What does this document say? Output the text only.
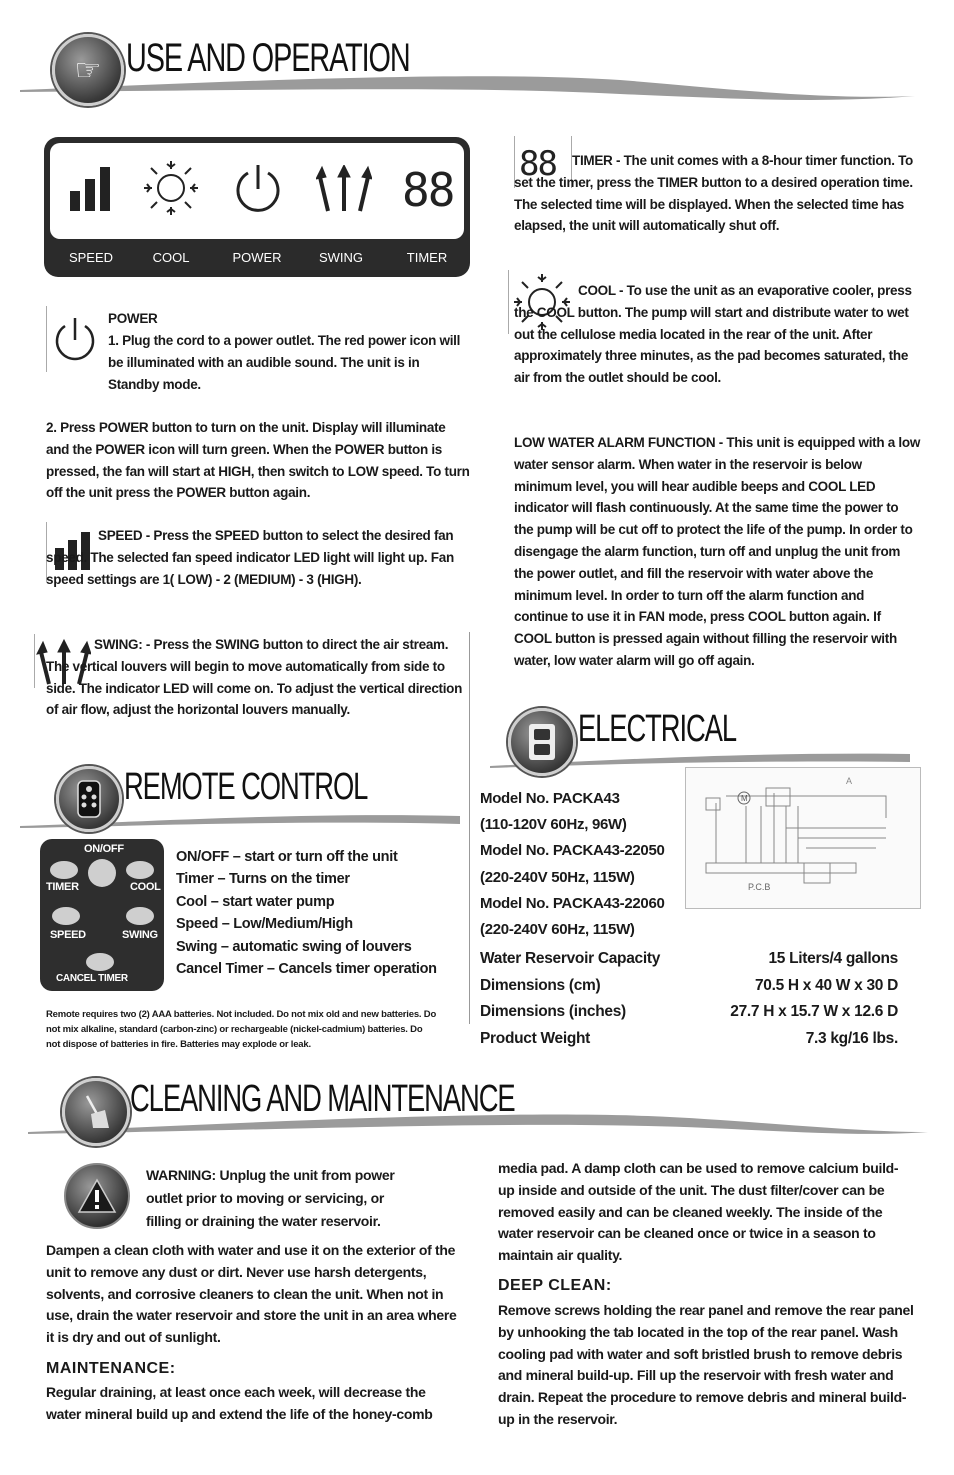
☞ USE AND OPERATION
88
SPEED	COOL	POWER	SWING	TIMER
POWER
1. Plug the cord to a power outlet. The red power icon will be illuminated with an audible sound. The unit is in Standby mode.
2. Press POWER button to turn on the unit. Display will illuminate and the POWER icon will turn green. When the POWER button is pressed, the fan will start at HIGH, then switch to LOW speed. To turn off the unit press the POWER button again.
SPEED - Press the SPEED button to select the desired fan speed. The selected fan speed indicator LED light will light up. Fan speed settings are 1( LOW) - 2 (MEDIUM) - 3 (HIGH).
SWING: - Press the SWING button to direct the air stream. The vertical louvers will begin to move automatically from side to side. The indicator LED will come on. To adjust the vertical direction of air flow, adjust the horizontal louvers manually.
REMOTE CONTROL
ON/OFF
TIMER	COOL
SPEED	SWING
CANCEL TIMER
ON/OFF – start or turn off the unit
Timer – Turns on the timer
Cool – start water pump
Speed – Low/Medium/High
Swing – automatic swing of louvers
Cancel Timer – Cancels timer operation
Remote requires two (2) AAA batteries. Not included. Do not mix old and new batteries. Do not mix alkaline, standard (carbon-zinc) or rechargeable (nickel-cadmium) batteries. Do not dispose of batteries in fire. Batteries may explode or leak.
88	TIMER - The unit comes with a 8-hour timer function. To set the timer, press the TIMER button to a desired operation time. The selected time will be displayed. When the selected time has elapsed, the unit will automatically shut off.
COOL - To use the unit as an evaporative cooler, press the COOL button. The pump will start and distribute water to wet out the cellulose media located in the rear of the unit. After approximately three minutes, as the pad becomes saturated, the air from the outlet should be cool.
LOW WATER ALARM FUNCTION - This unit is equipped with a low water sensor alarm. When water in the reservoir is below minimum level, you will hear audible beeps and COOL LED indicator will flash continuously. At the same time the power to the pump will be cut off to protect the life of the pump. In order to disengage the alarm function, turn off and unplug the unit from the power outlet, and fill the reservoir with water above the minimum level. In order to turn off the alarm function and continue to use it in FAN mode, press COOL button again. If COOL button is pressed again without filling the reservoir with water, low water alarm will go off again.
ELECTRICAL
Model No. PACKA43
(110-120V 60Hz, 96W)
Model No. PACKA43-22050
(220-240V 50Hz, 115W)
Model No. PACKA43-22060
(220-240V 60Hz, 115W)
M
A
P.C.B
Water Reservoir Capacity	15 Liters/4 gallons
Dimensions (cm)	70.5 H x 40 W x 30 D
Dimensions (inches)	27.7 H x 15.7 W x 12.6 D
Product Weight	7.3 kg/16 lbs.
CLEANING AND MAINTENANCE
WARNING: Unplug the unit from power outlet prior to moving or servicing, or filling or draining the water reservoir.
Dampen a clean cloth with water and use it on the exterior of the unit to remove any dust or dirt. Never use harsh detergents, solvents, and corrosive cleaners to clean the unit. When not in use, drain the water reservoir and store the unit in an area where it is dry and out of sunlight.
MAINTENANCE:
Regular draining, at least once each week, will decrease the water mineral build up and extend the life of the honey-comb
media pad. A damp cloth can be used to remove calcium build-up inside and outside of the unit. The dust filter/cover can be removed easily and can be cleaned weekly. The inside of the water reservoir can be cleaned once or twice in a season to maintain air quality.
DEEP CLEAN:
Remove screws holding the rear panel and remove the rear panel by unhooking the tab located in the top of the rear panel. Wash cooling pad with water and soft bristled brush to remove debris and mineral build-up. Fill up the reservoir with fresh water and drain. Repeat the procedure to remove debris and mineral build-up in the reservoir.
